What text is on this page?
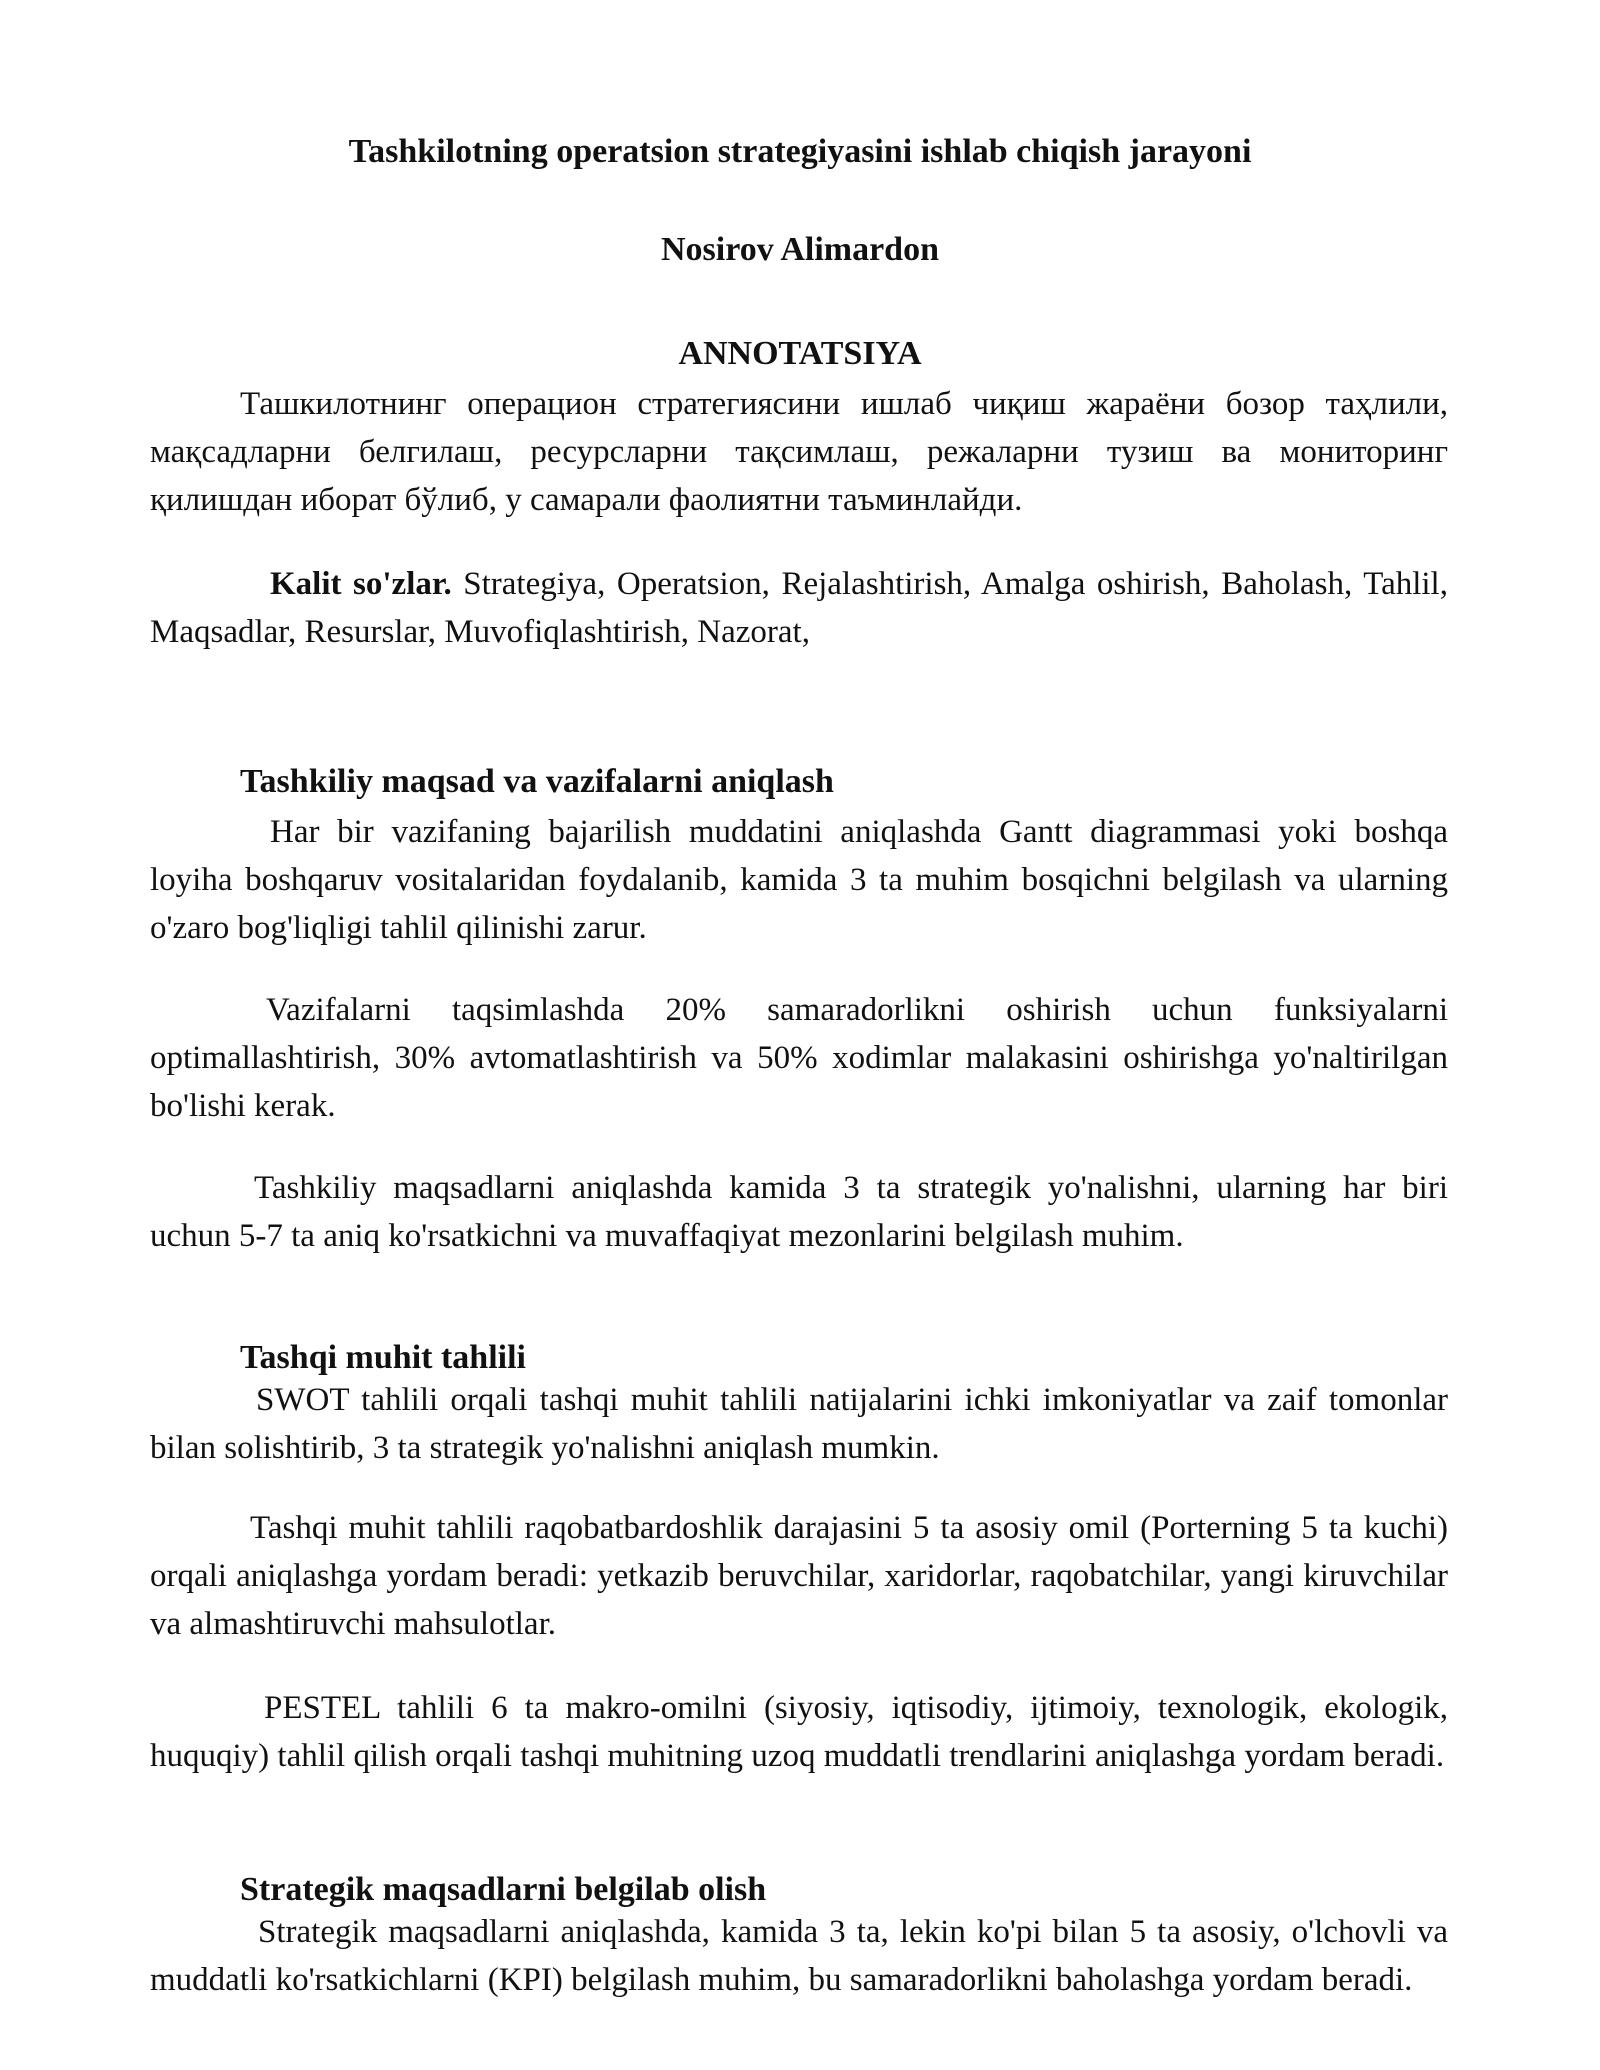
Tashkilotning operatsion strategiyasini ishlab chiqish jarayoni
Nosirov Alimardon
ANNOTATSIYA

Ташкилотнинг операцион стратегиясини ишлаб чиқиш жараёни бозор таҳлили, мақсадларни белгилаш, ресурсларни тақсимлаш, режаларни тузиш ва мониторинг қилишдан иборат бўлиб, у самарали фаолиятни таъминлайди.

Kalit so'zlar. Strategiya, Operatsion, Rejalashtirish, Amalga oshirish, Baholash, Tahlil, Maqsadlar, Resurslar, Muvofiqlashtirish, Nazorat,

Tashkiliy maqsad va vazifalarni aniqlash

Har bir vazifaning bajarilish muddatini aniqlashda Gantt diagrammasi yoki boshqa loyiha boshqaruv vositalaridan foydalanib, kamida 3 ta muhim bosqichni belgilash va ularning o'zaro bog'liqligi tahlil qilinishi zarur.

Vazifalarni taqsimlashda 20% samaradorlikni oshirish uchun funksiyalarni optimallashtirish, 30% avtomatlashtirish va 50% xodimlar malakasini oshirishga yo'naltirilgan bo'lishi kerak.

Tashkiliy maqsadlarni aniqlashda kamida 3 ta strategik yo'nalishni, ularning har biri uchun 5-7 ta aniq ko'rsatkichni va muvaffaqiyat mezonlarini belgilash muhim.

Tashqi muhit tahlili

SWOT tahlili orqali tashqi muhit tahlili natijalarini ichki imkoniyatlar va zaif tomonlar bilan solishtirib, 3 ta strategik yo'nalishni aniqlash mumkin.

Tashqi muhit tahlili raqobatbardoshlik darajasini 5 ta asosiy omil (Porterning 5 ta kuchi) orqali aniqlashga yordam beradi: yetkazib beruvchilar, xaridorlar, raqobatchilar, yangi kiruvchilar va almashtiruvchi mahsulotlar.

PESTEL tahlili 6 ta makro-omilni (siyosiy, iqtisodiy, ijtimoiy, texnologik, ekologik, huquqiy) tahlil qilish orqali tashqi muhitning uzoq muddatli trendlarini aniqlashga yordam beradi.

Strategik maqsadlarni belgilab olish

Strategik maqsadlarni aniqlashda, kamida 3 ta, lekin ko'pi bilan 5 ta asosiy, o'lchovli va muddatli ko'rsatkichlarni (KPI) belgilash muhim, bu samaradorlikni baholashga yordam beradi.
